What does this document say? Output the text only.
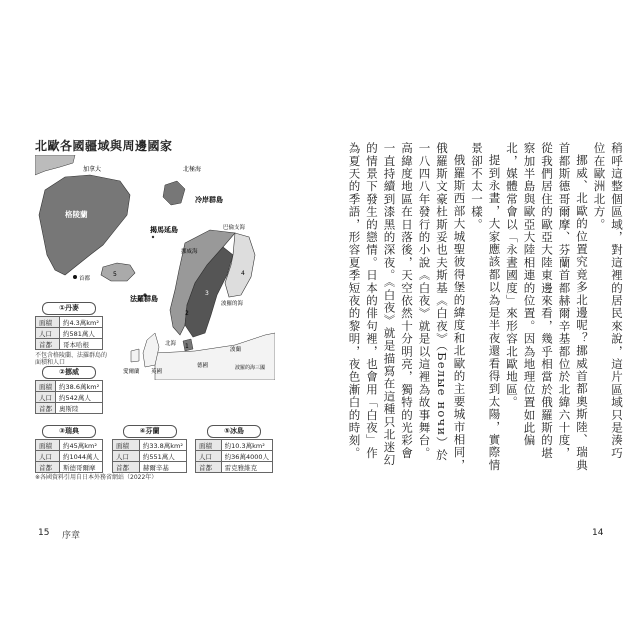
北歐各國疆域與周邊國家
加拿大
格陵蘭
北極海
冷岸群島
揭馬延島	巴倫支海
挪威海
法羅群島
首都
波羅的海
北海
波蘭
德國
英國
愛爾蘭
波羅的海三國
2
3
4
1
5
①丹麥
面積	約4.3萬km²
人口	約581萬人
首都	哥本哈根
不包含格陵蘭、法羅群島的面積和人口
②挪威
面積	約38.6萬km²
人口	約542萬人
首都	奧斯陸
③瑞典
面積	約45萬km²
人口	約1044萬人
首都	斯德哥爾摩
④芬蘭
面積	約33.8萬km²
人口	約551萬人
首都	赫爾辛基
⑤冰島
面積	約10.3萬km²
人口	約36萬4000人
首都	雷克雅維克
※各國資料引用自日本外務省網站（2022年）
15 序章

稍呼這整個區域，對這裡的居民來說，這片區域只是湊巧位在歐洲北方。

挪威、北歐的位置究竟多北邊呢？挪威首都奧斯陸、瑞典首都斯德哥爾摩、芬蘭首都赫爾辛基都位於北緯六十度，從我們居住的歐亞大陸東邊來看，幾乎相當於俄羅斯的堪察加半島與歐亞大陸相連的位置。因為地理位置如此偏北，媒體常會以「永晝國度」來形容北歐地區。

提到永晝，大家應該都以為是半夜還看得到太陽，實際情景卻不太一樣。

俄羅斯西部大城聖彼得堡的緯度和北歐的主要城市相同，俄羅斯文豪杜斯妥也夫斯基《白夜》（Белые ночи）於一八四八年發行的小說《白夜》就是以這裡為故事舞台。高緯度地區在日落後，天空依然十分明亮，獨特的光彩會一直持續到漆黑的深夜。《白夜》就是描寫在這種只北迷幻的情景下發生的戀情。日本的俳句裡，也會用「白夜」作為夏天的季語，形容夏季短夜的黎明，夜色漸白的時刻。

14
